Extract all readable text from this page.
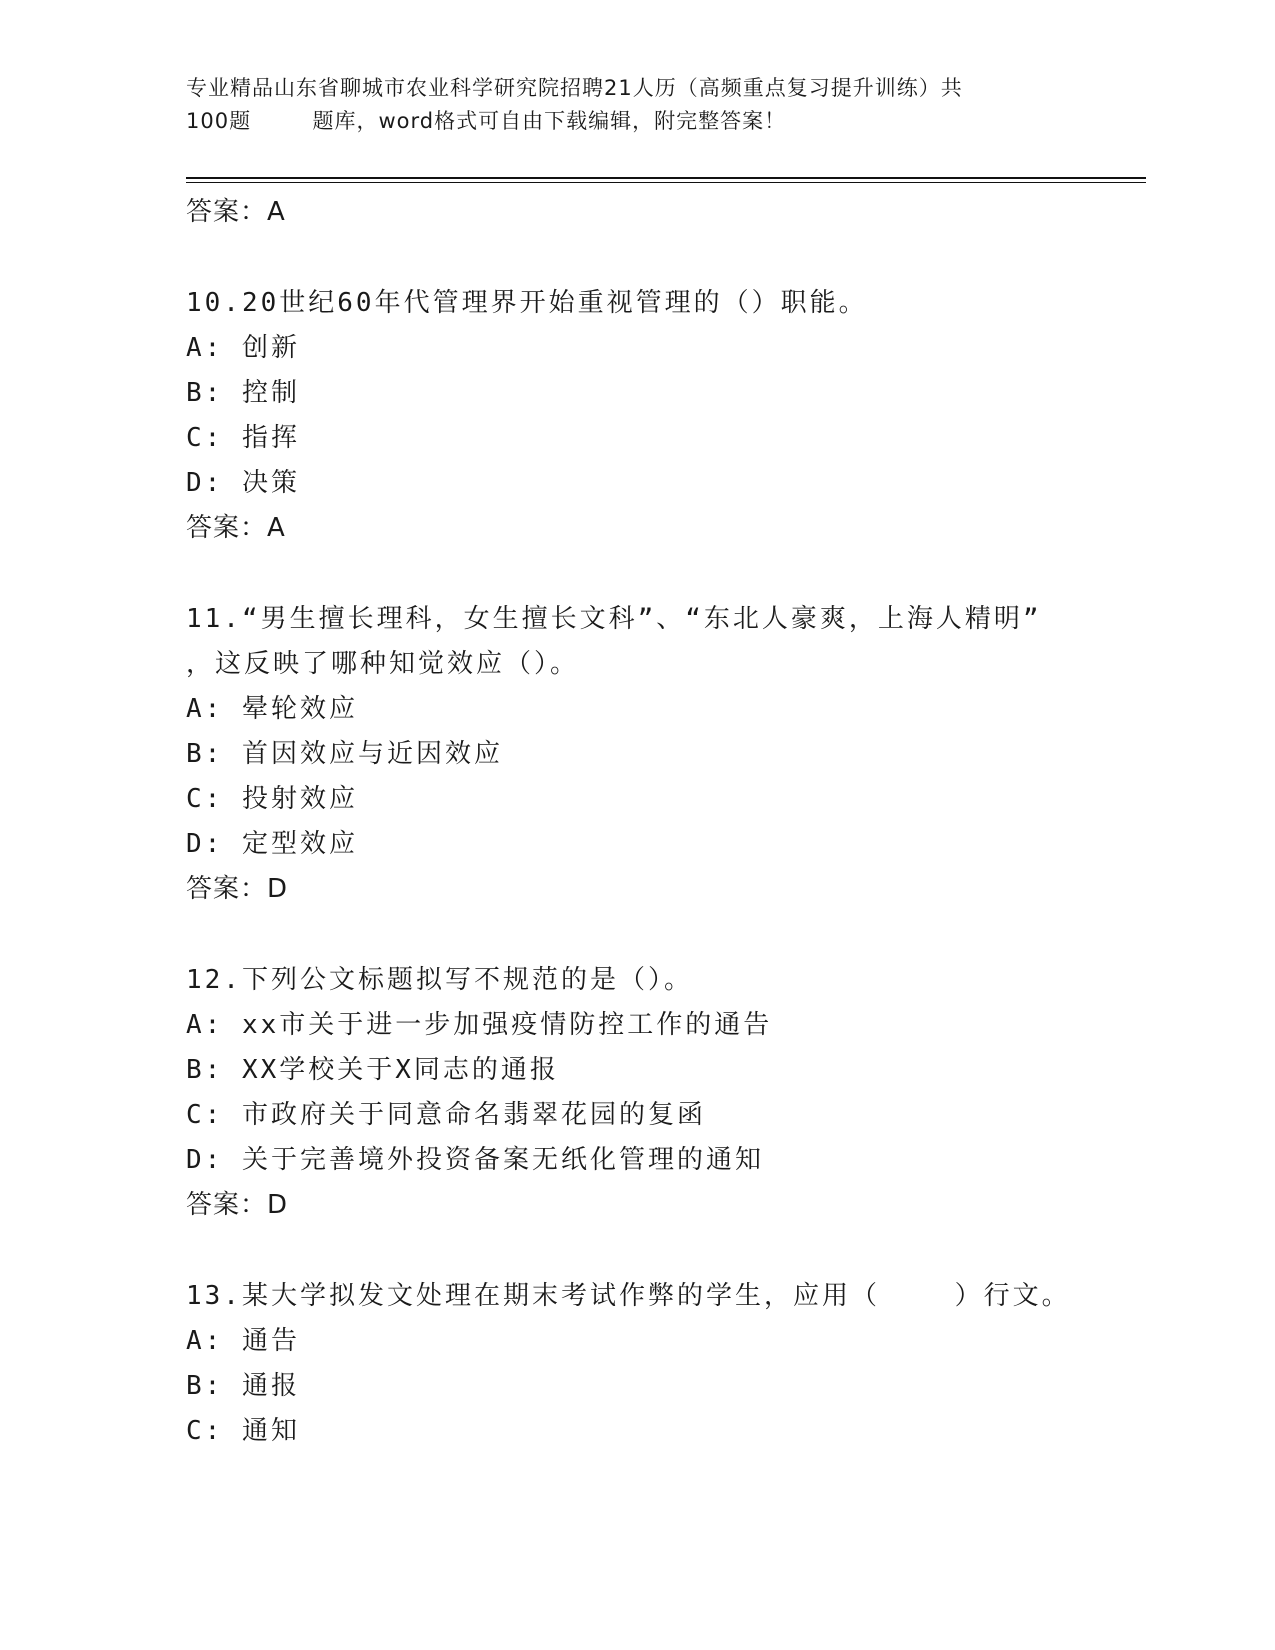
专业精品山东省聊城市农业科学研究院招聘21人历（高频重点复习提升训练）共
100题        题库，word格式可自由下载编辑，附完整答案！
答案：A
10.20世纪60年代管理界开始重视管理的（）职能。
A: 创新
B: 控制
C: 指挥
D: 决策
答案：A
11.“男生擅长理科，女生擅长文科”、“东北人豪爽，上海人精明”
，这反映了哪种知觉效应（）。
A: 晕轮效应
B: 首因效应与近因效应
C: 投射效应
D: 定型效应
答案：D
12.下列公文标题拟写不规范的是（）。
A: xx市关于进一步加强疫情防控工作的通告
B: XX学校关于X同志的通报
C: 市政府关于同意命名翡翠花园的复函
D: 关于完善境外投资备案无纸化管理的通知
答案：D
13.某大学拟发文处理在期末考试作弊的学生，应用（    ）行文。
A: 通告
B: 通报
C: 通知
